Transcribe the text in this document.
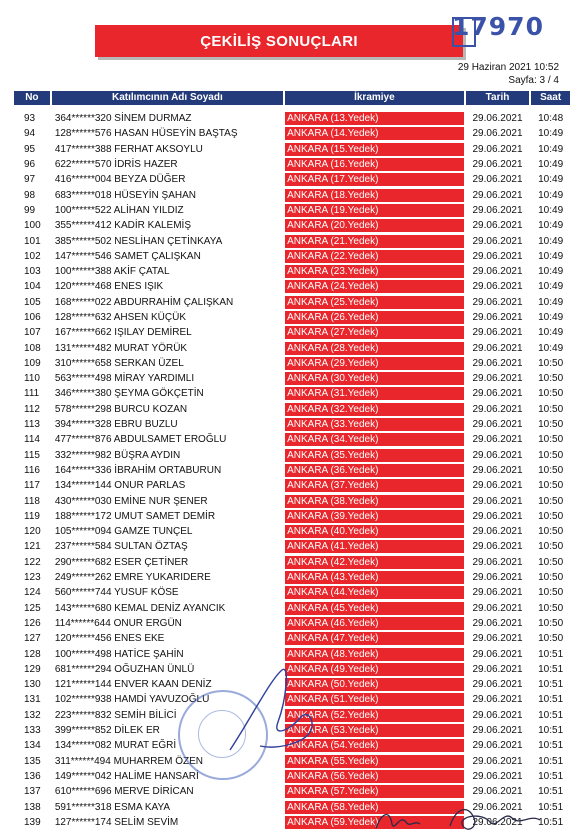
ÇEKİLİŞ SONUÇLARI	17970
29 Haziran 2021 10:52
Sayfa: 3 / 4
No	Katılımcının Adı Soyadı	İkramiye	Tarih	Saat
93	364******320 SİNEM DURMAZ	ANKARA (13.Yedek)	29.06.2021	10:48
94	128******576 HASAN HÜSEYİN BAŞTAŞ	ANKARA (14.Yedek)	29.06.2021	10:49
95	417******388 FERHAT AKSOYLU	ANKARA (15.Yedek)	29.06.2021	10:49
96	622******570 İDRİS HAZER	ANKARA (16.Yedek)	29.06.2021	10:49
97	416******004 BEYZA DÜĞER	ANKARA (17.Yedek)	29.06.2021	10:49
98	683******018 HÜSEYİN ŞAHAN	ANKARA (18.Yedek)	29.06.2021	10:49
99	100******522 ALİHAN YILDIZ	ANKARA (19.Yedek)	29.06.2021	10:49
100	355******412 KADİR KALEMİŞ	ANKARA (20.Yedek)	29.06.2021	10:49
101	385******502 NESLİHAN ÇETİNKAYA	ANKARA (21.Yedek)	29.06.2021	10:49
102	147******546 SAMET ÇALIŞKAN	ANKARA (22.Yedek)	29.06.2021	10:49
103	100******388 AKİF ÇATAL	ANKARA (23.Yedek)	29.06.2021	10:49
104	120******468 ENES IŞIK	ANKARA (24.Yedek)	29.06.2021	10:49
105	168******022 ABDURRAHİM ÇALIŞKAN	ANKARA (25.Yedek)	29.06.2021	10:49
106	128******632 AHSEN KÜÇÜK	ANKARA (26.Yedek)	29.06.2021	10:49
107	167******662 IŞILAY DEMİREL	ANKARA (27.Yedek)	29.06.2021	10:49
108	131******482 MURAT YÖRÜK	ANKARA (28.Yedek)	29.06.2021	10:49
109	310******658 SERKAN ÜZEL	ANKARA (29.Yedek)	29.06.2021	10:50
110	563******498 MİRAY YARDIMLI	ANKARA (30.Yedek)	29.06.2021	10:50
111	346******380 ŞEYMA GÖKÇETİN	ANKARA (31.Yedek)	29.06.2021	10:50
112	578******298 BURCU KOZAN	ANKARA (32.Yedek)	29.06.2021	10:50
113	394******328 EBRU BUZLU	ANKARA (33.Yedek)	29.06.2021	10:50
114	477******876 ABDULSAMET EROĞLU	ANKARA (34.Yedek)	29.06.2021	10:50
115	332******982 BÜŞRA AYDIN	ANKARA (35.Yedek)	29.06.2021	10:50
116	164******336 İBRAHİM ORTABURUN	ANKARA (36.Yedek)	29.06.2021	10:50
117	134******144 ONUR PARLAS	ANKARA (37.Yedek)	29.06.2021	10:50
118	430******030 EMİNE NUR ŞENER	ANKARA (38.Yedek)	29.06.2021	10:50
119	188******172 UMUT SAMET DEMİR	ANKARA (39.Yedek)	29.06.2021	10:50
120	105******094 GAMZE TUNÇEL	ANKARA (40.Yedek)	29.06.2021	10:50
121	237******584 SULTAN ÖZTAŞ	ANKARA (41.Yedek)	29.06.2021	10:50
122	290******682 ESER ÇETİNER	ANKARA (42.Yedek)	29.06.2021	10:50
123	249******262 EMRE YUKARIDERE	ANKARA (43.Yedek)	29.06.2021	10:50
124	560******744 YUSUF KÖSE	ANKARA (44.Yedek)	29.06.2021	10:50
125	143******680 KEMAL DENİZ AYANCIK	ANKARA (45.Yedek)	29.06.2021	10:50
126	114******644 ONUR ERGÜN	ANKARA (46.Yedek)	29.06.2021	10:50
127	120******456 ENES EKE	ANKARA (47.Yedek)	29.06.2021	10:50
128	100******498 HATİCE ŞAHİN	ANKARA (48.Yedek)	29.06.2021	10:51
129	681******294 OĞUZHAN ÜNLÜ	ANKARA (49.Yedek)	29.06.2021	10:51
130	121******144 ENVER KAAN DENİZ	ANKARA (50.Yedek)	29.06.2021	10:51
131	102******938 HAMDİ YAVUZOĞLU	ANKARA (51.Yedek)	29.06.2021	10:51
132	223******832 SEMİH BİLİCİ	ANKARA (52.Yedek)	29.06.2021	10:51
133	399******852 DİLEK ER	ANKARA (53.Yedek)	29.06.2021	10:51
134	134******082 MURAT EĞRİ	ANKARA (54.Yedek)	29.06.2021	10:51
135	311******494 MUHARREM ÖZEN	ANKARA (55.Yedek)	29.06.2021	10:51
136	149******042 HALİME HANSARİ	ANKARA (56.Yedek)	29.06.2021	10:51
137	610******696 MERVE DİRİCAN	ANKARA (57.Yedek)	29.06.2021	10:51
138	591******318 ESMA KAYA	ANKARA (58.Yedek)	29.06.2021	10:51
139	127******174 SELİM SEVİM	ANKARA (59.Yedek)	29.06.2021	10:51
